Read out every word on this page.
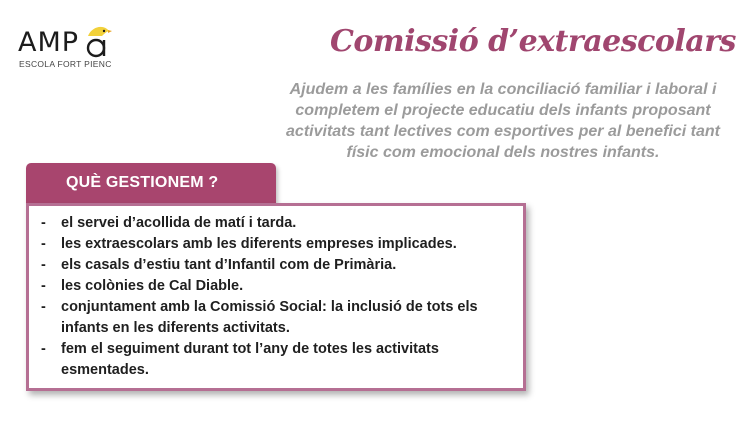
AMP
ESCOLA FORT PIENC
Comissió d’extraescolars

Ajudem a les famílies en la conciliació familiar i laboral i completem el projecte educatiu dels infants proposant activitats tant lectives com esportives per al benefici tant físic com emocional dels nostres infants.

QUÈ GESTIONEM ?
- el servei d’acollida de matí i tarda.
- les extraescolars amb les diferents empreses implicades.
- els casals d’estiu tant d’Infantil com de Primària.
- les colònies de Cal Diable.
- conjuntament amb la Comissió Social: la inclusió de tots els infants en les diferents activitats.
- fem el seguiment durant tot l’any de totes les activitats esmentades.
